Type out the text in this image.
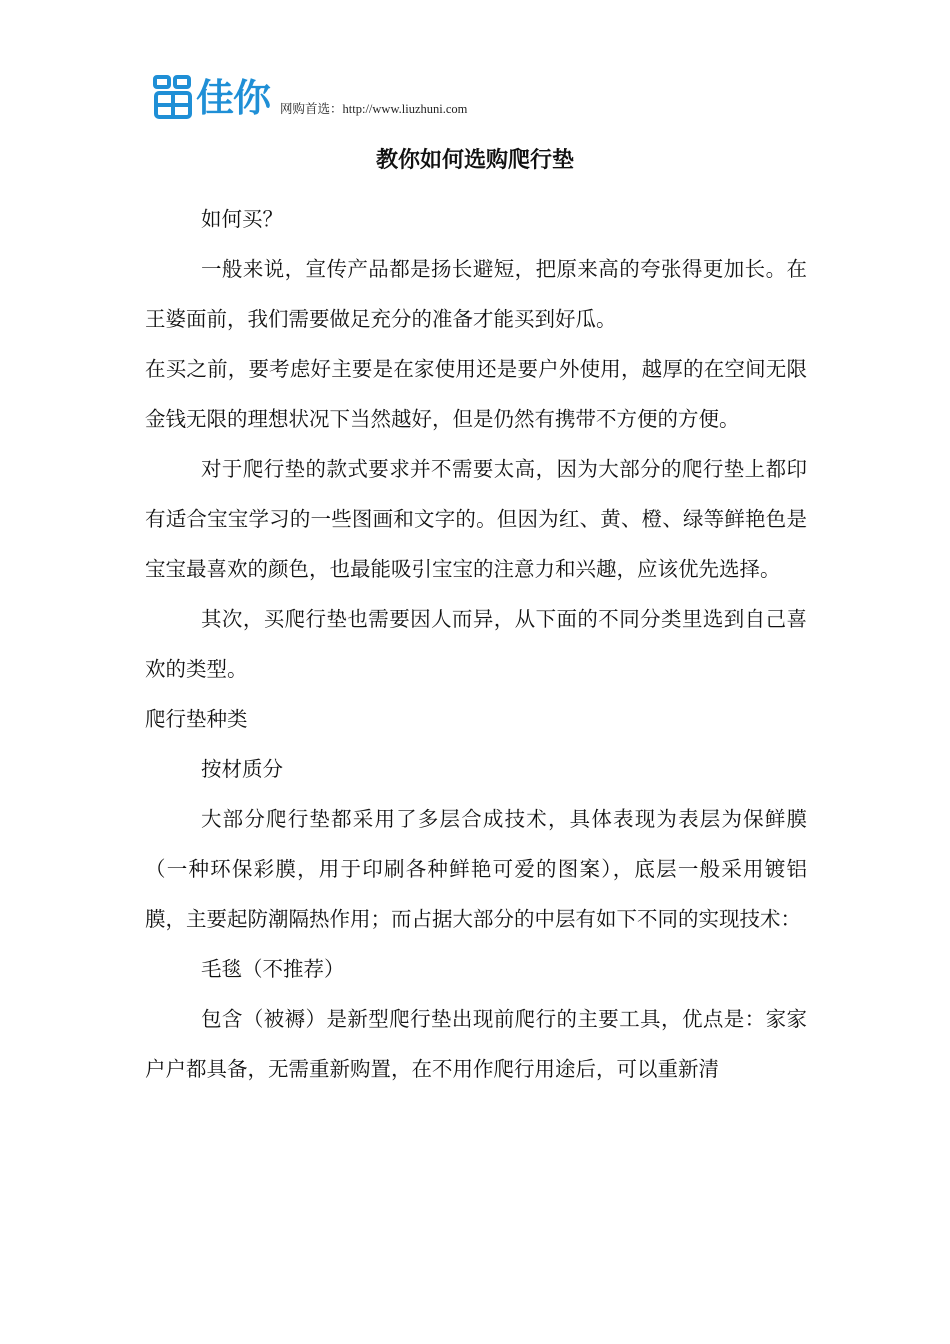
佳你 网购首选：http://www.liuzhuni.com
教你如何选购爬行垫

如何买？

一般来说，宣传产品都是扬长避短，把原来高的夸张得更加长。在王婆面前，我们需要做足充分的准备才能买到好瓜。

在买之前，要考虑好主要是在家使用还是要户外使用，越厚的在空间无限金钱无限的理想状况下当然越好，但是仍然有携带不方便的方便。

对于爬行垫的款式要求并不需要太高，因为大部分的爬行垫上都印有适合宝宝学习的一些图画和文字的。但因为红、黄、橙、绿等鲜艳色是宝宝最喜欢的颜色，也最能吸引宝宝的注意力和兴趣，应该优先选择。

其次，买爬行垫也需要因人而异，从下面的不同分类里选到自己喜欢的类型。

爬行垫种类

按材质分

大部分爬行垫都采用了多层合成技术，具体表现为表层为保鲜膜（一种环保彩膜，用于印刷各种鲜艳可爱的图案），底层一般采用镀铝膜，主要起防潮隔热作用；而占据大部分的中层有如下不同的实现技术：

毛毯（不推荐）

包含（被褥）是新型爬行垫出现前爬行的主要工具，优点是：家家户户都具备，无需重新购置，在不用作爬行用途后，可以重新清
